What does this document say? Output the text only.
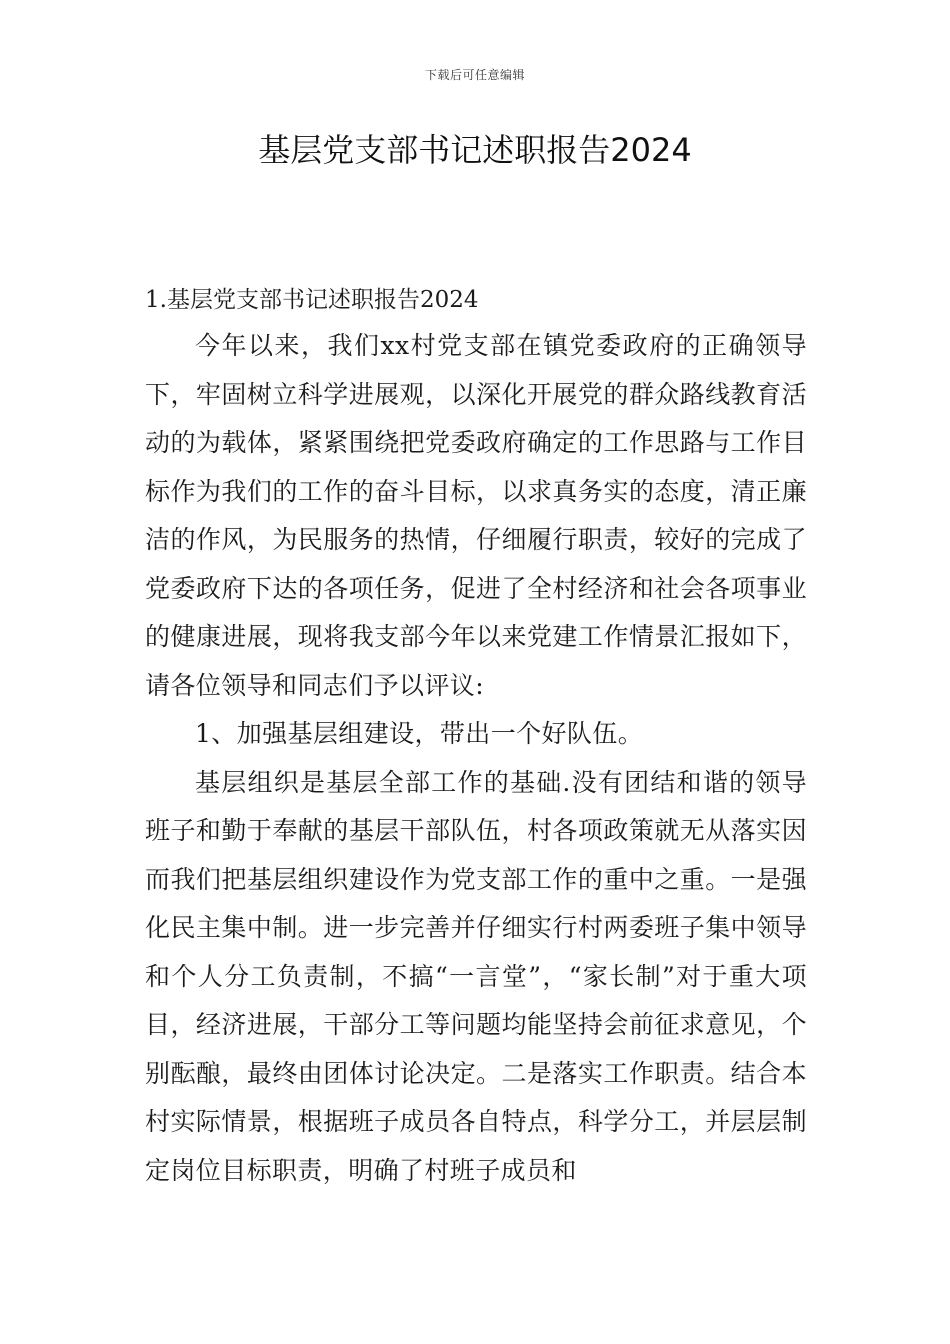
下载后可任意编辑
基层党支部书记述职报告2024

1.基层党支部书记述职报告2024

今年以来，我们xx村党支部在镇党委政府的正确领导下，牢固树立科学进展观，以深化开展党的群众路线教育活动的为载体，紧紧围绕把党委政府确定的工作思路与工作目标作为我们的工作的奋斗目标，以求真务实的态度，清正廉洁的作风，为民服务的热情，仔细履行职责，较好的完成了党委政府下达的各项任务，促进了全村经济和社会各项事业的健康进展，现将我支部今年以来党建工作情景汇报如下，请各位领导和同志们予以评议:

1、加强基层组建设，带出一个好队伍。

基层组织是基层全部工作的基础.没有团结和谐的领导班子和勤于奉献的基层干部队伍，村各项政策就无从落实因而我们把基层组织建设作为党支部工作的重中之重。一是强化民主集中制。进一步完善并仔细实行村两委班子集中领导和个人分工负责制，不搞“一言堂”，“家长制”对于重大项目，经济进展，干部分工等问题均能坚持会前征求意见，个别酝酿，最终由团体讨论决定。二是落实工作职责。结合本村实际情景，根据班子成员各自特点，科学分工，并层层制定岗位目标职责，明确了村班子成员和
